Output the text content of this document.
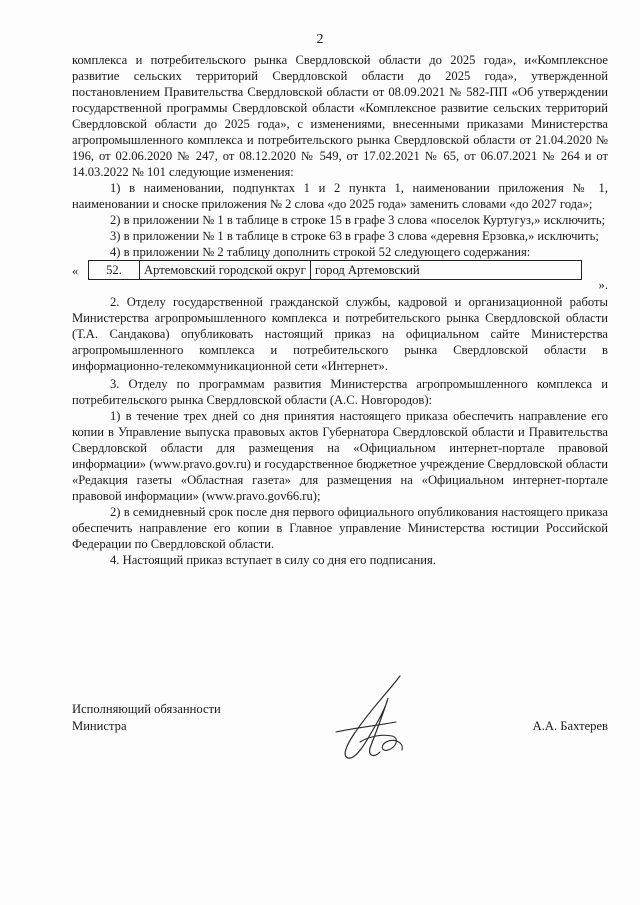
2

комплекса и потребительского рынка Свердловской области до 2025 года», и«Комплексное развитие сельских территорий Свердловской области до 2025 года», утвержденной постановлением Правительства Свердловской области от 08.09.2021 № 582-ПП «Об утверждении государственной программы Свердловской области «Комплексное развитие сельских территорий Свердловской области до 2025 года», с изменениями, внесенными приказами Министерства агропромышленного комплекса и потребительского рынка Свердловской области от 21.04.2020 № 196, от 02.06.2020 № 247, от 08.12.2020 № 549, от 17.02.2021 № 65, от 06.07.2021 № 264 и от 14.03.2022 № 101 следующие изменения:

1) в наименовании, подпунктах 1 и 2 пункта 1, наименовании приложения № 1, наименовании и сноске приложения № 2 слова «до 2025 года» заменить словами «до 2027 года»;

2) в приложении № 1 в таблице в строке 15 в графе 3 слова «поселок Куртугуз,» исключить;

3) в приложении № 1 в таблице в строке 63 в графе 3 слова «деревня Ерзовка,» исключить;

4) в приложении № 2 таблицу дополнить строкой 52 следующего содержания:

« 52.	Артемовский городской округ	город Артемовский
».

2. Отделу государственной гражданской службы, кадровой и организационной работы Министерства агропромышленного комплекса и потребительского рынка Свердловской области (Т.А. Сандакова) опубликовать настоящий приказ на официальном сайте Министерства агропромышленного комплекса и потребительского рынка Свердловской области в информационно-телекоммуникационной сети «Интернет».

3. Отделу по программам развития Министерства агропромышленного комплекса и потребительского рынка Свердловской области (А.С. Новгородов):

1) в течение трех дней со дня принятия настоящего приказа обеспечить направление его копии в Управление выпуска правовых актов Губернатора Свердловской области и Правительства Свердловской области для размещения на «Официальном интернет-портале правовой информации» (www.pravo.gov.ru) и государственное бюджетное учреждение Свердловской области «Редакция газеты «Областная газета» для размещения на «Официальном интернет-портале правовой информации» (www.pravo.gov66.ru);

2) в семидневный срок после дня первого официального опубликования настоящего приказа обеспечить направление его копии в Главное управление Министерства юстиции Российской Федерации по Свердловской области.

4. Настоящий приказ вступает в силу со дня его подписания.

Исполняющий обязанности
Министра	А.А. Бахтерев
